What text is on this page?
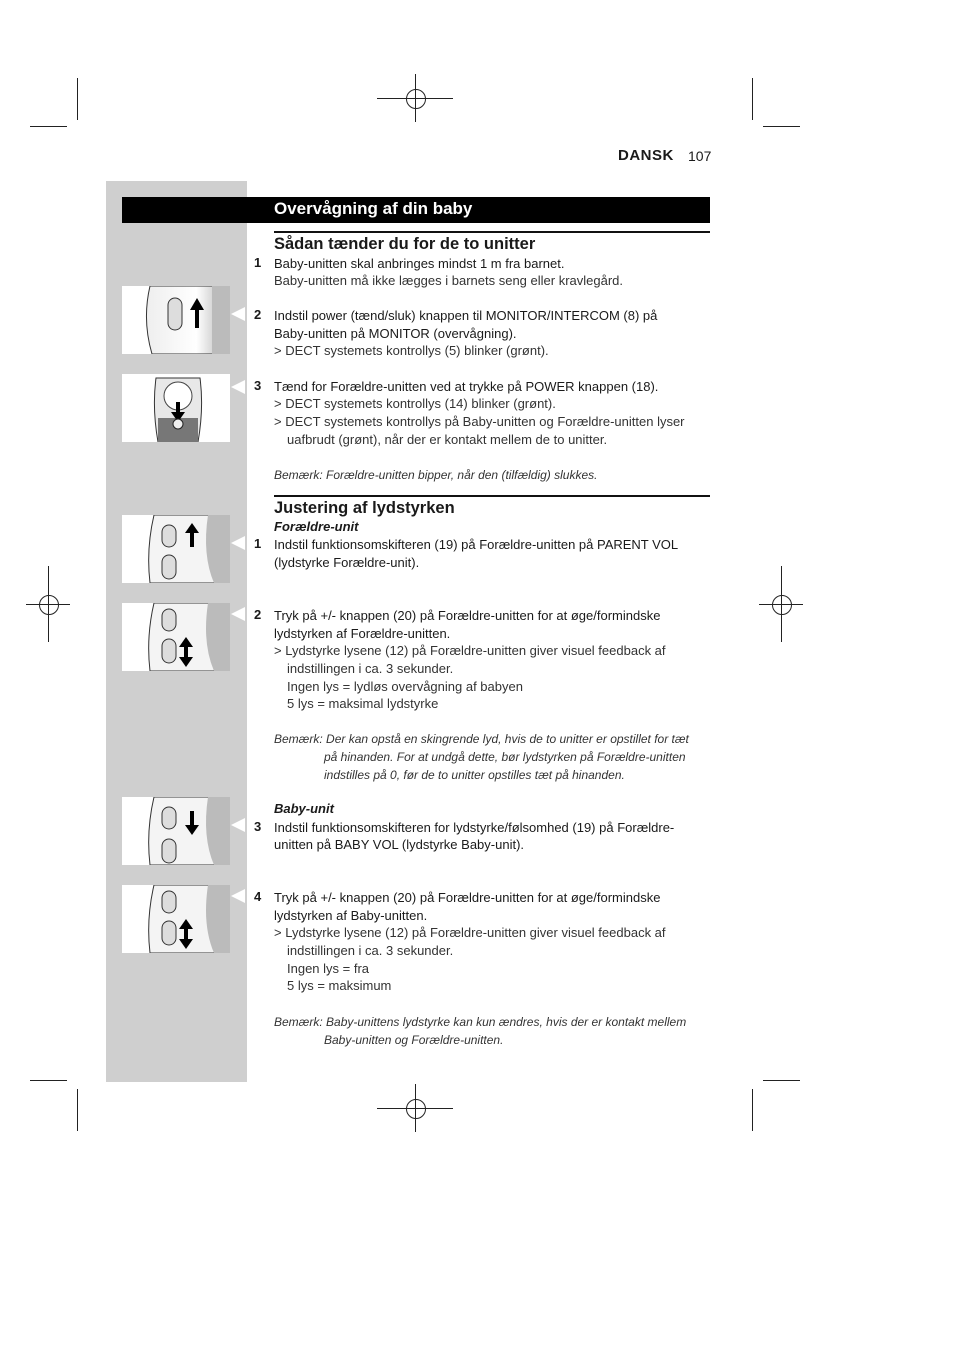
DANSK 107
Overvågning af din baby
Sådan tænder du for de to unitter
1 Baby-unitten skal anbringes mindst 1 m fra barnet.
Baby-unitten må ikke lægges i barnets seng eller kravlegård.
2 Indstil power (tænd/sluk) knappen til MONITOR/INTERCOM (8) på
Baby-unitten på MONITOR (overvågning).
> DECT systemets kontrollys (5) blinker (grønt).
3 Tænd for Forældre-unitten ved at trykke på POWER knappen (18).
> DECT systemets kontrollys (14) blinker (grønt).
> DECT systemets kontrollys på Baby-unitten og Forældre-unitten lyser uafbrudt (grønt), når der er kontakt mellem de to unitter.
Bemærk: Forældre-unitten bipper, når den (tilfældig) slukkes.
Justering af lydstyrken
Forældre-unit
1 Indstil funktionsomskifteren (19) på Forældre-unitten på PARENT VOL
(lydstyrke Forældre-unit).
2 Tryk på +/- knappen (20) på Forældre-unitten for at øge/formindske
lydstyrken af Forældre-unitten.
> Lydstyrke lysene (12) på Forældre-unitten giver visuel feedback af indstillingen i ca. 3 sekunder.
Ingen lys = lydløs overvågning af babyen
5 lys = maksimal lydstyrke
Bemærk: Der kan opstå en skingrende lyd, hvis de to unitter er opstillet for tæt
på hinanden. For at undgå dette, bør lydstyrken på Forældre-unitten
indstilles på 0, før de to unitter opstilles tæt på hinanden.
Baby-unit
3 Indstil funktionsomskifteren for lydstyrke/følsomhed (19) på Forældre-
unitten på BABY VOL (lydstyrke Baby-unit).
4 Tryk på +/- knappen (20) på Forældre-unitten for at øge/formindske
lydstyrken af Baby-unitten.
> Lydstyrke lysene (12) på Forældre-unitten giver visuel feedback af indstillingen i ca. 3 sekunder.
Ingen lys = fra
5 lys = maksimum
Bemærk: Baby-unittens lydstyrke kan kun ændres, hvis der er kontakt mellem
Baby-unitten og Forældre-unitten.
